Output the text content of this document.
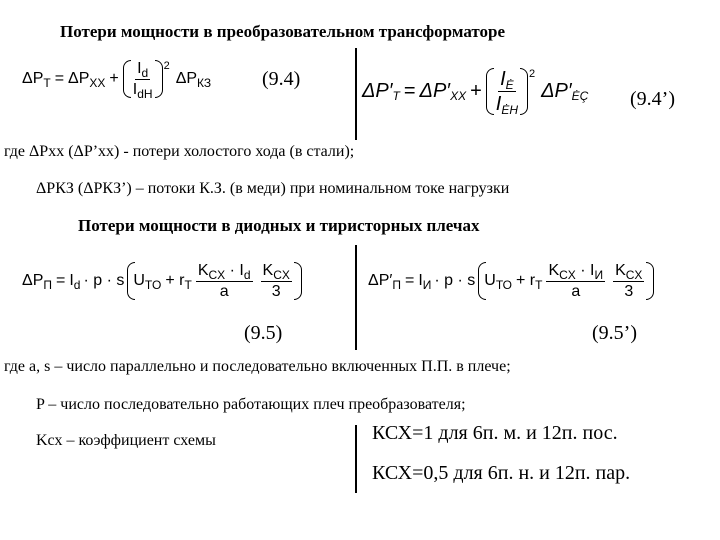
Потери мощности в преобразовательном трансформаторе
ΔP Т = ΔP XX + $\frac{I_d}{I_{dH}} 2$
ΔP КЗ	(9.4)
ΔP′ Т = ΔP′ XX + $\frac{I_Ė}{I_{ĖH}} 2$
ΔP′ ĖÇ (9.4’)
где ΔPxx (ΔP’xx) - потери холостого хода (в стали);
ΔPКЗ (ΔPКЗ’) – потоки К.З. (в меди) при номинальном токе нагрузки
Потери мощности в диодных и тиристорных плечах
ΔP П = I d · p · s U TO + r T $\frac{K_{CX} \cdot I_d}{a} \frac{K_{CX}}{3}$
(9.5)
ΔP′ П = I И · p · s U ТО + r Т $\frac{K_{CX} \cdot I_И}{a} \frac{K_{CX}}{3}$
(9.5’)
где a, s – число параллельно и последовательно включенных П.П. в плече;
P – число последовательно работающих плеч преобразователя;
Kсх – коэффициент схемы	КСХ=1 для 6п. м. и 12п. пос.
КСХ=0,5 для 6п. н. и 12п. пар.
